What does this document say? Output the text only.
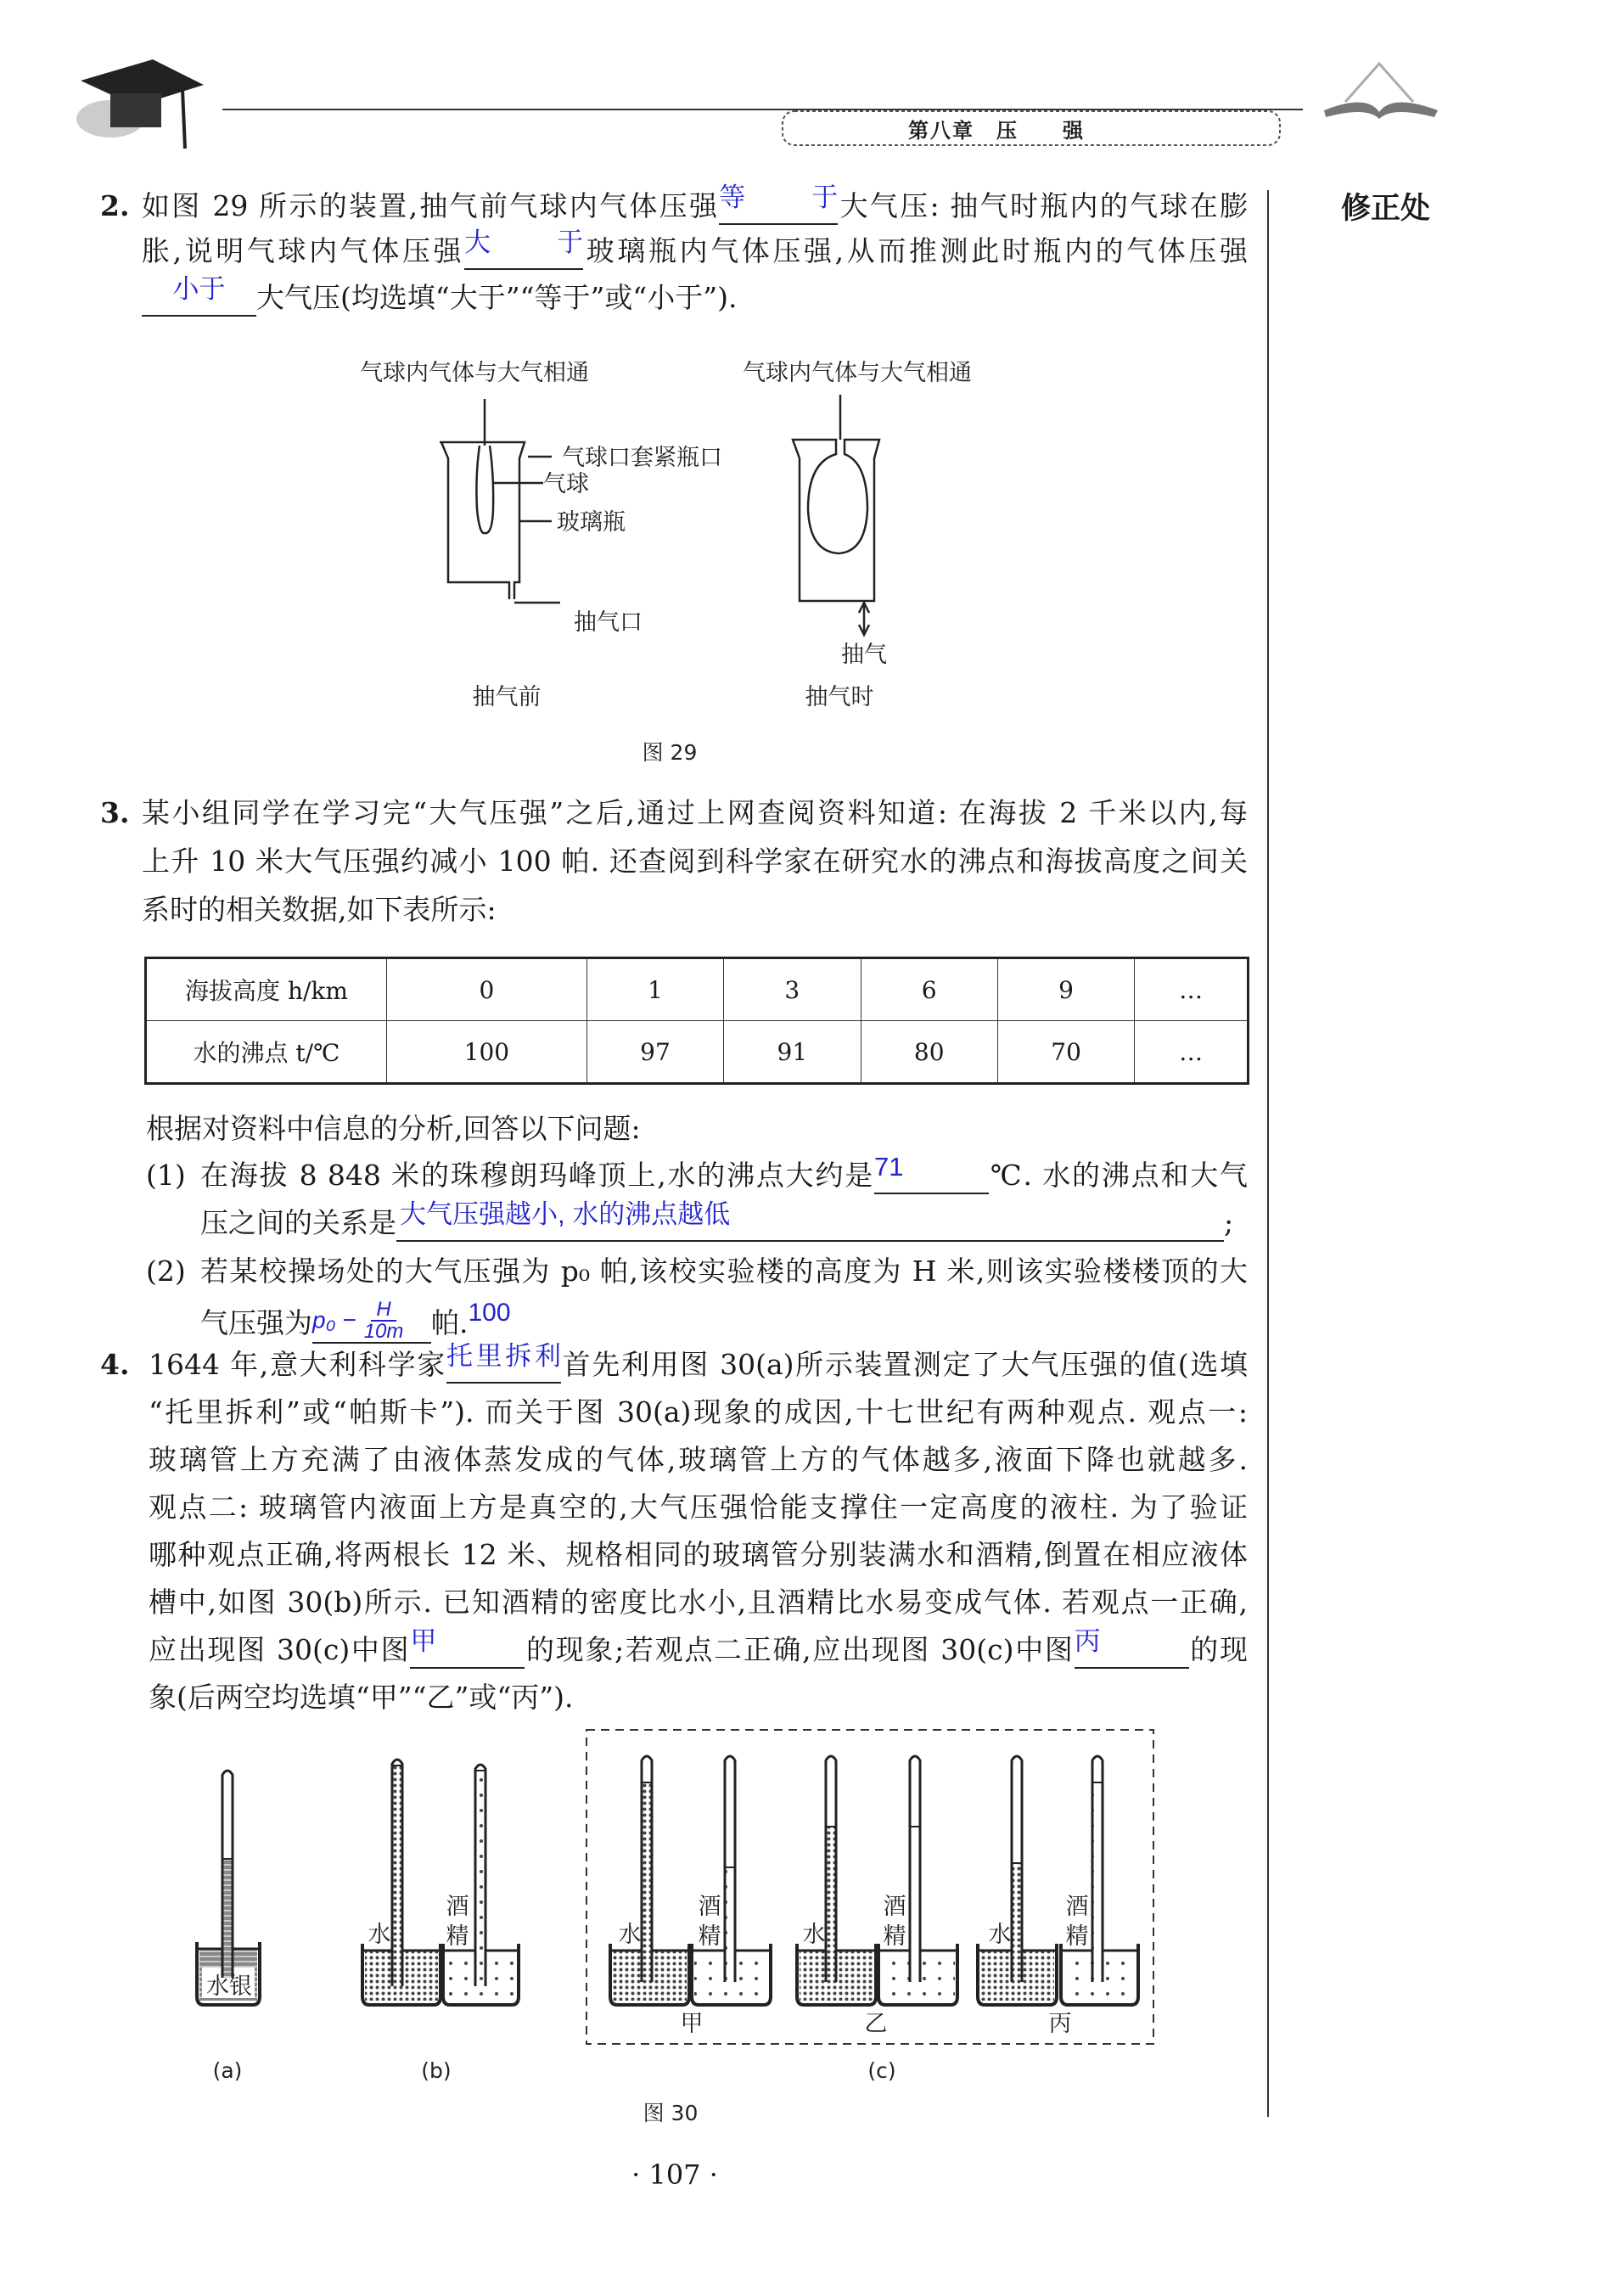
气球内气体与大气相通	气球内气体与大气相通
气球口套紧瓶口
气球
玻璃瓶
抽气口
抽气
抽气前	抽气时
图 29
水银
甲	乙	丙
(a)	(b)	(c)
图 30
水
酒
精	水
酒
精	水
酒
精	水
酒
精
第八章　压　　强
修正处
2. 如图 29 所示的装置,抽气前气球内气体压强 等于 大气压: 抽气时瓶内的气球在膨
胀,说明气球内气体压强 大于 玻璃瓶内气体压强,从而推测此时瓶内的气体压强
小于	大气压(均选填“大于”“等于”或“小于”).
3. 某小组同学在学习完“大气压强”之后,通过上网查阅资料知道: 在海拔 2 千米以内,每
上升 10 米大气压强约减小 100 帕. 还查阅到科学家在研究水的沸点和海拔高度之间关
系时的相关数据,如下表所示:
海拔高度 h/km	0	1	3	6	9	…
水的沸点 t/℃	100	97	91	80	70	…
根据对资料中信息的分析,回答以下问题:
(1) 在海拔 8 848 米的珠穆朗玛峰顶上,水的沸点大约是 71	℃. 水的沸点和大气
压之间的关系是 大气压强越小, 水的沸点越低	;
(2) 若某校操场处的大气压强为 p₀ 帕,该校实验楼的高度为 H 米,则该实验楼楼顶的大
气压强为$p_0 - \frac{H}{10m}$ 帕.100
4. 1644 年,意大利科学家 托里拆利 首先利用图 30(a)所示装置测定了大气压强的值(选填
“托里拆利”或“帕斯卡”). 而关于图 30(a)现象的成因,十七世纪有两种观点. 观点一:
玻璃管上方充满了由液体蒸发成的气体,玻璃管上方的气体越多,液面下降也就越多.
观点二: 玻璃管内液面上方是真空的,大气压强恰能支撑住一定高度的液柱. 为了验证
哪种观点正确,将两根长 12 米、规格相同的玻璃管分别装满水和酒精,倒置在相应液体
槽中,如图 30(b)所示. 已知酒精的密度比水小,且酒精比水易变成气体. 若观点一正确,
应出现图 30(c)中图 甲	的现象;若观点二正确,应出现图 30(c)中图 丙	的现
象(后两空均选填“甲”“乙”或“丙”).
· 107 ·
